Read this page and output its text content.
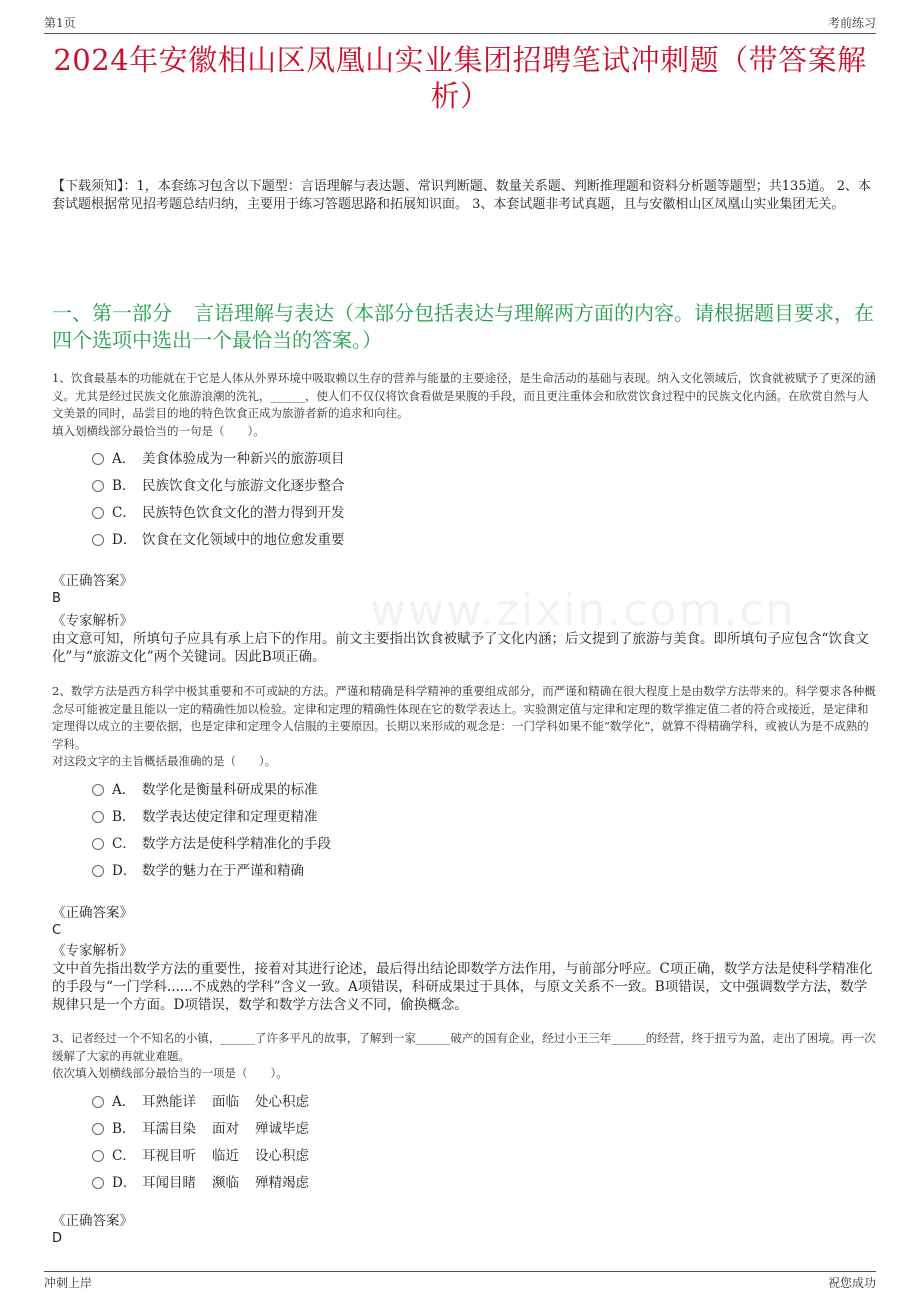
第1页	考前练习
www.zixin.com.cn
2024年安徽相山区凤凰山实业集团招聘笔试冲刺题（带答案解析）
【下载须知】：1，本套练习包含以下题型：言语理解与表达题、常识判断题、数量关系题、判断推理题和资料分析题等题型；共135道。 2、本套试题根据常见招考题总结归纳，主要用于练习答题思路和拓展知识面。 3、本套试题非考试真题，且与安徽相山区凤凰山实业集团无关。
一、第一部分 言语理解与表达（本部分包括表达与理解两方面的内容。请根据题目要求，在四个选项中选出一个最恰当的答案。）
1、饮食最基本的功能就在于它是人体从外界环境中吸取赖以生存的营养与能量的主要途径，是生命活动的基础与表现。纳入文化领域后，饮食就被赋予了更深的涵义。尤其是经过民族文化旅游浪潮的洗礼，______，使人们不仅仅将饮食看做是果腹的手段，而且更注重体会和欣赏饮食过程中的民族文化内涵。在欣赏自然与人文美景的同时，品尝目的地的特色饮食正成为旅游者新的追求和向往。
填入划横线部分最恰当的一句是（　　）。
A． 美食体验成为一种新兴的旅游项目
B． 民族饮食文化与旅游文化逐步整合
C． 民族特色饮食文化的潜力得到开发
D． 饮食在文化领域中的地位愈发重要
《正确答案》
B
《专家解析》
由文意可知，所填句子应具有承上启下的作用。前文主要指出饮食被赋予了文化内涵；后文提到了旅游与美食。即所填句子应包含“饮食文化”与“旅游文化”两个关键词。因此B项正确。
2、数学方法是西方科学中极其重要和不可或缺的方法。严谨和精确是科学精神的重要组成部分，而严谨和精确在很大程度上是由数学方法带来的。科学要求各种概念尽可能被定量且能以一定的精确性加以检验。定律和定理的精确性体现在它的数学表达上。实验测定值与定律和定理的数学推定值二者的符合或接近，是定律和定理得以成立的主要依据，也是定律和定理令人信服的主要原因。长期以来形成的观念是：一门学科如果不能“数学化”，就算不得精确学科，或被认为是不成熟的学科。
对这段文字的主旨概括最准确的是（　　）。
A． 数学化是衡量科研成果的标准
B． 数学表达使定律和定理更精准
C． 数学方法是使科学精准化的手段
D． 数学的魅力在于严谨和精确
《正确答案》
C
《专家解析》
文中首先指出数学方法的重要性，接着对其进行论述，最后得出结论即数学方法作用，与前部分呼应。C项正确，数学方法是使科学精准化的手段与“一门学科......不成熟的学科”含义一致。A项错误，科研成果过于具体，与原文关系不一致。B项错误，文中强调数学方法，数学规律只是一个方面。D项错误，数学和数学方法含义不同，偷换概念。
3、记者经过一个不知名的小镇，______了许多平凡的故事，了解到一家______破产的国有企业，经过小王三年______的经营，终于扭亏为盈，走出了困境。再一次缓解了大家的再就业难题。
依次填入划横线部分最恰当的一项是（　　）。
A． 耳熟能详 面临 处心积虑
B． 耳濡目染 面对 殚诚毕虑
C． 耳视目听 临近 设心积虑
D． 耳闻目睹 濒临 殚精竭虑
《正确答案》
D
冲刺上岸	祝您成功
